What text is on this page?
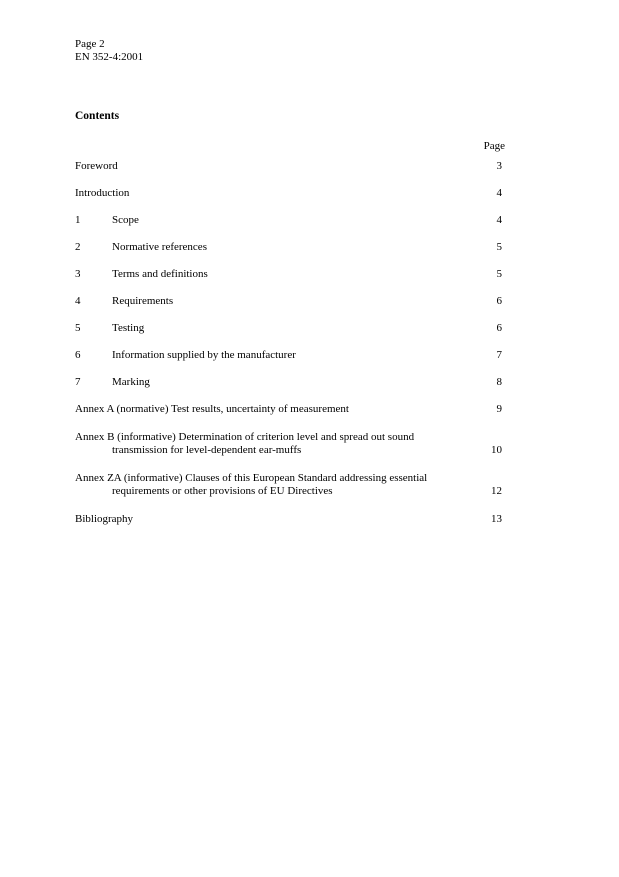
Page 2
EN 352-4:2001
Contents
Page
Foreword	3
Introduction	4
1	Scope	4
2	Normative references	5
3	Terms and definitions	5
4	Requirements	6
5	Testing	6
6	Information supplied by the manufacturer	7
7	Marking	8
Annex A (normative) Test results, uncertainty of measurement	9
Annex B (informative) Determination of criterion level and spread out sound
transmission for level-dependent ear-muffs	10
Annex ZA (informative) Clauses of this European Standard addressing essential
requirements or other provisions of EU Directives	12
Bibliography	13
